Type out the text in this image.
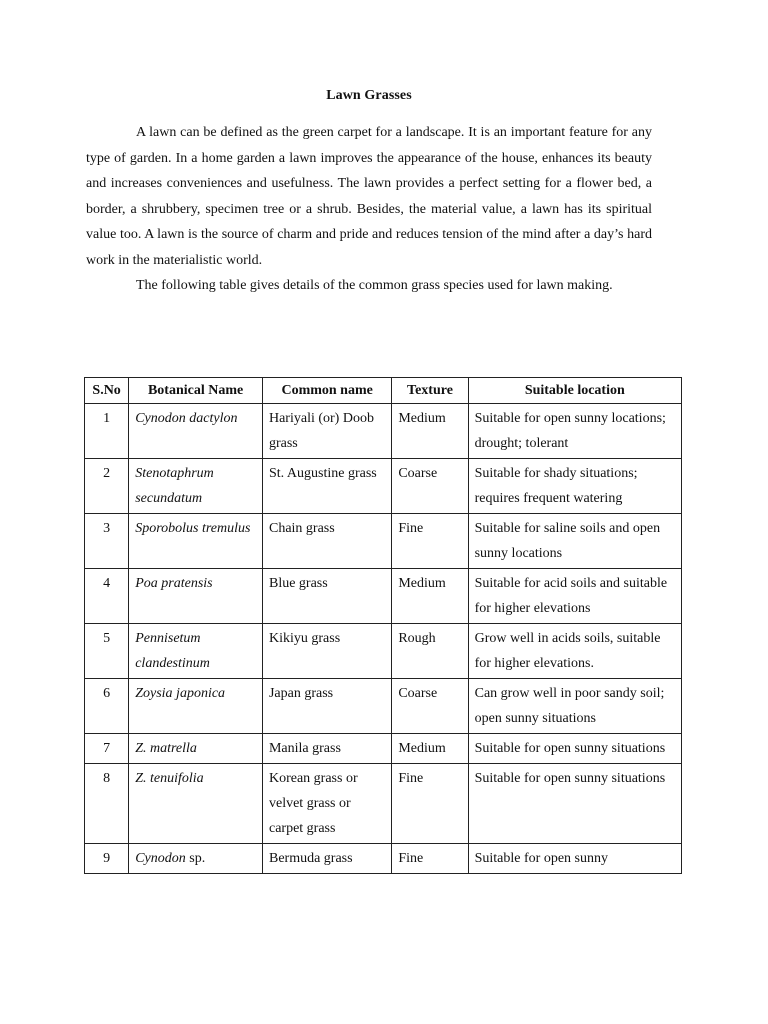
Lawn Grasses

A lawn can be defined as the green carpet for a landscape. It is an important feature for any type of garden. In a home garden a lawn improves the appearance of the house, enhances its beauty and increases conveniences and usefulness. The lawn provides a perfect setting for a flower bed, a border, a shrubbery, specimen tree or a shrub. Besides, the material value, a lawn has its spiritual value too. A lawn is the source of charm and pride and reduces tension of the mind after a day’s hard work in the materialistic world.

The following table gives details of the common grass species used for lawn making.

S.No	Botanical Name	Common name	Texture	Suitable location
1	Cynodon dactylon	Hariyali (or) Doob grass	Medium	Suitable for open sunny locations; drought; tolerant
2	Stenotaphrum secundatum	St. Augustine grass	Coarse	Suitable for shady situations; requires frequent watering
3	Sporobolus tremulus	Chain grass	Fine	Suitable for saline soils and open sunny locations
4	Poa pratensis	Blue grass	Medium	Suitable for acid soils and suitable for higher elevations
5	Pennisetum clandestinum	Kikiyu grass	Rough	Grow well in acids soils, suitable for higher elevations.
6	Zoysia japonica	Japan grass	Coarse	Can grow well in poor sandy soil; open sunny situations
7	Z. matrella	Manila grass	Medium	Suitable for open sunny situations
8	Z. tenuifolia	Korean grass or velvet grass or carpet grass	Fine	Suitable for open sunny situations
9	Cynodon sp.	Bermuda grass	Fine	Suitable for open sunny
